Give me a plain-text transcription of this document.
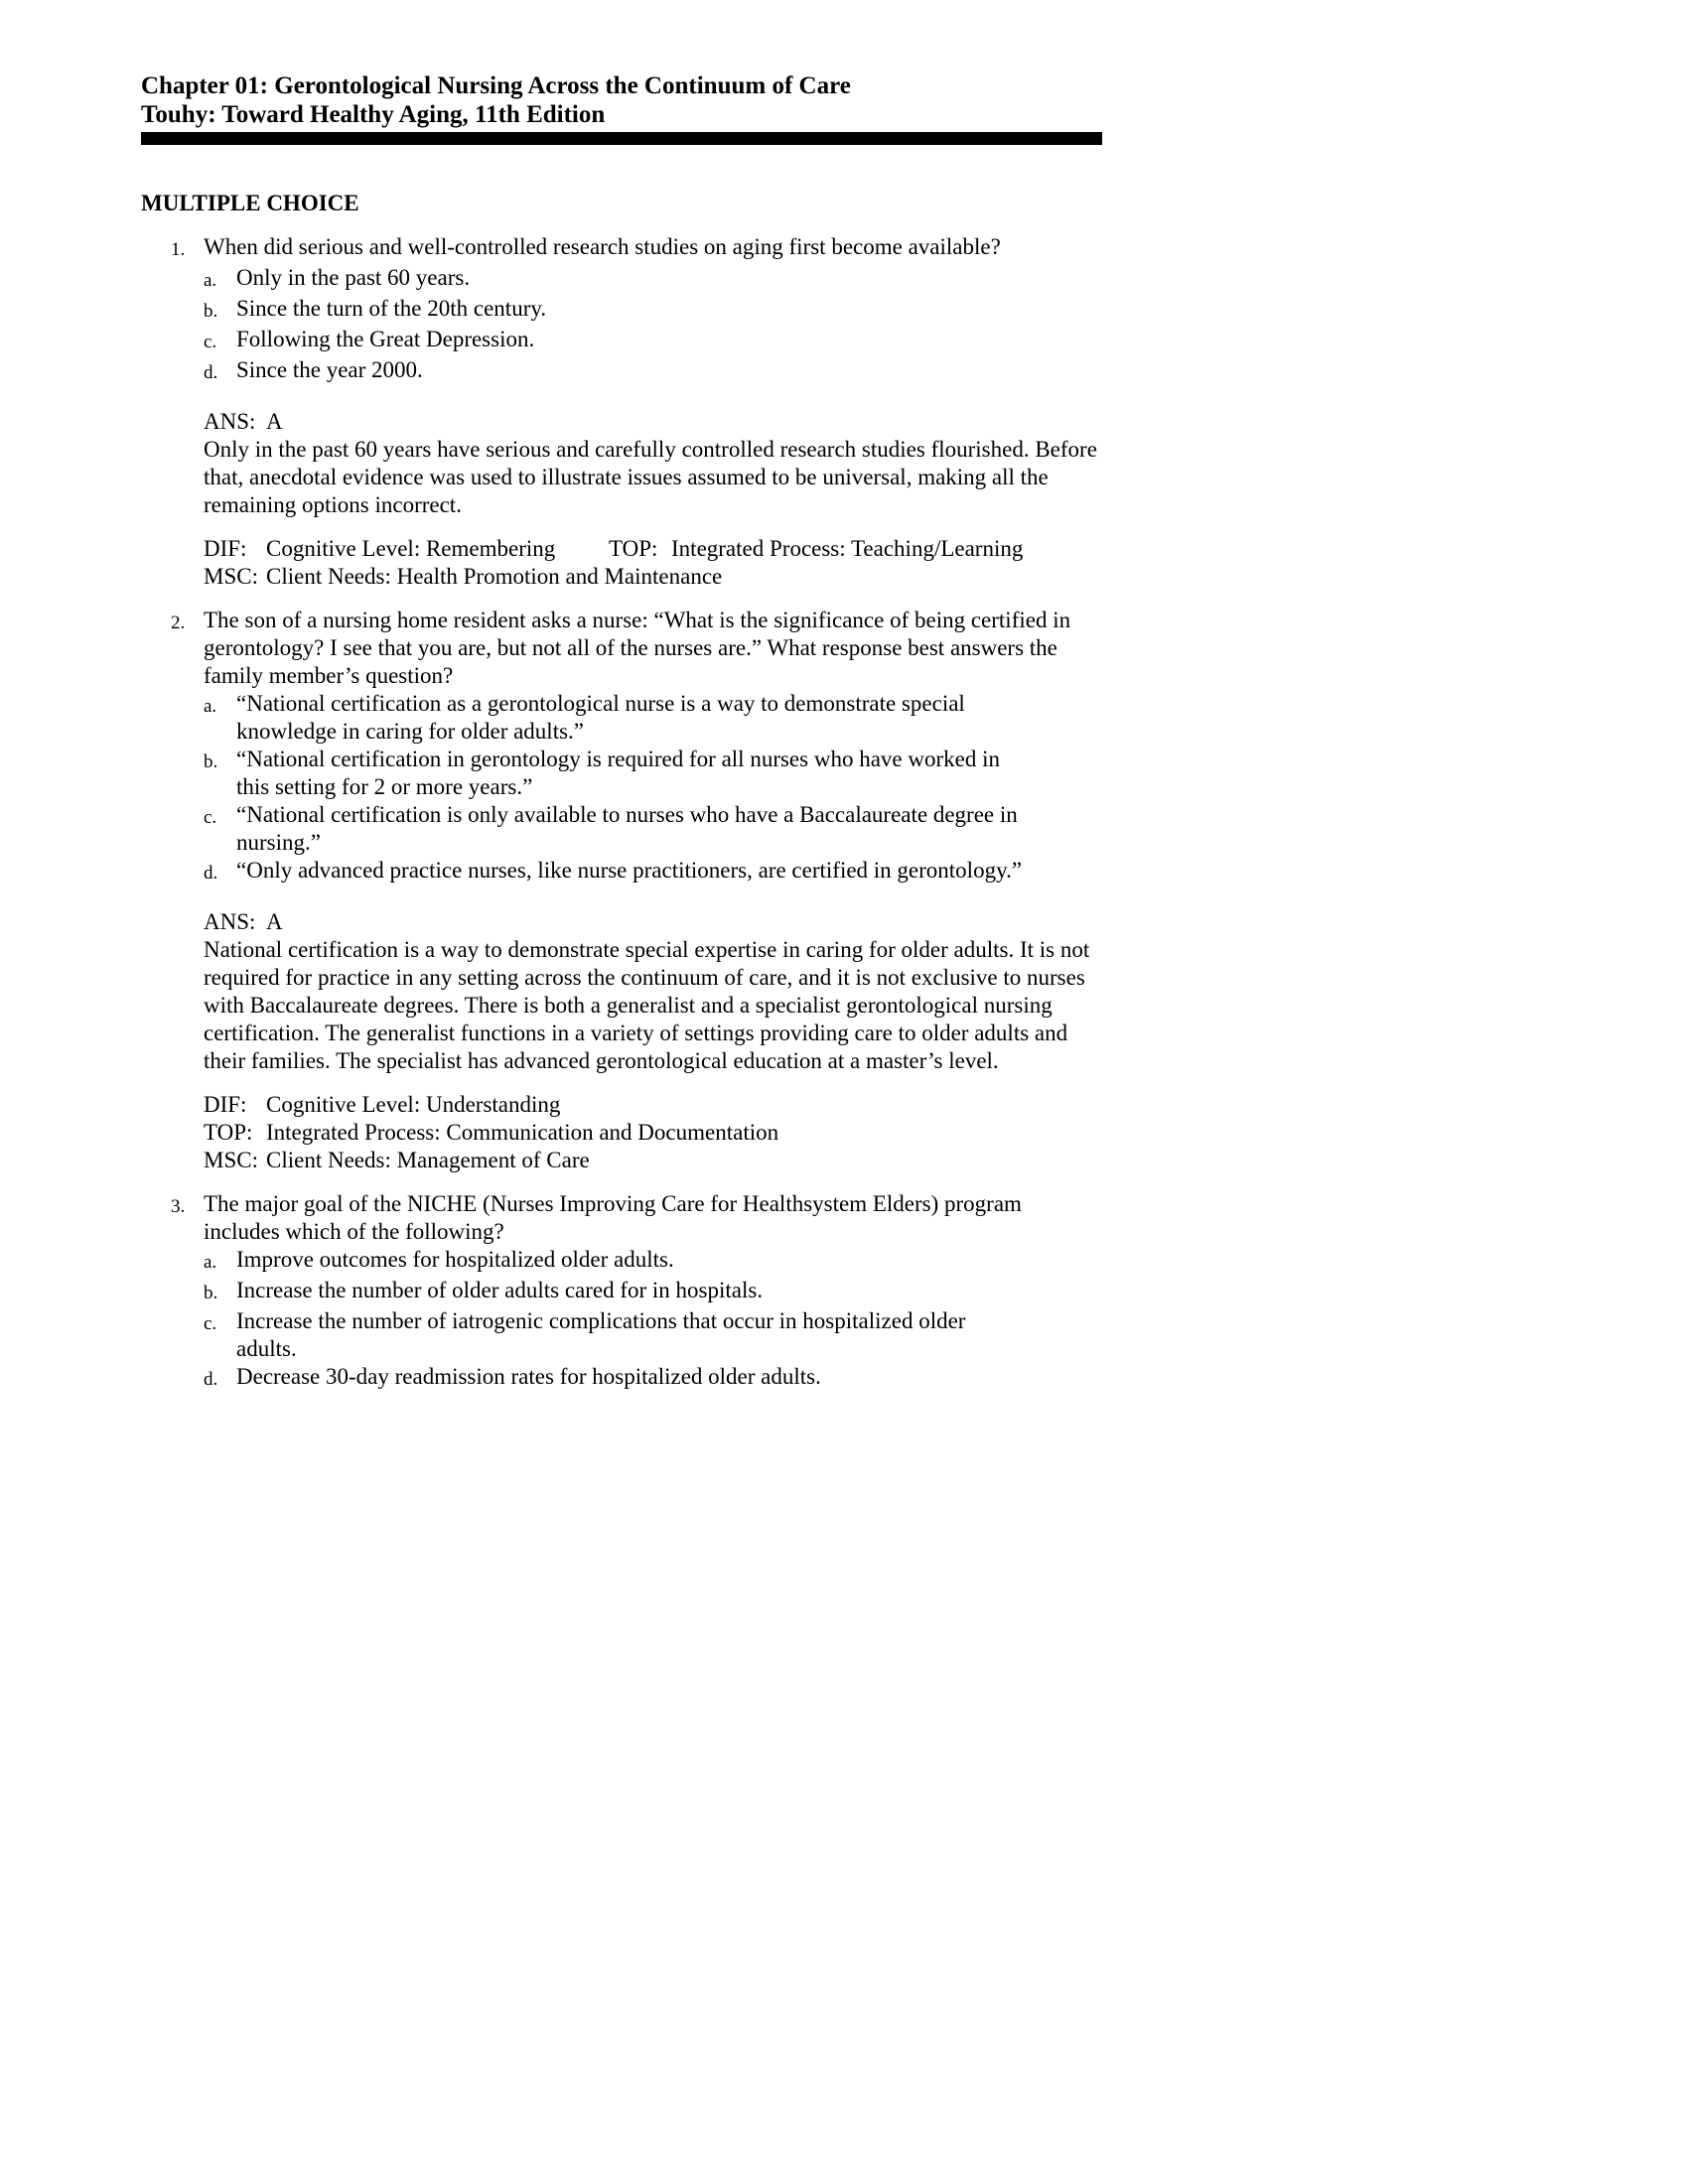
Chapter 01: Gerontological Nursing Across the Continuum of Care
Touhy: Toward Healthy Aging, 11th Edition
MULTIPLE CHOICE
1. When did serious and well-controlled research studies on aging first become available?
a. Only in the past 60 years.
b. Since the turn of the 20th century.
c. Following the Great Depression.
d. Since the year 2000.
ANS: A
Only in the past 60 years have serious and carefully controlled research studies flourished. Before that, anecdotal evidence was used to illustrate issues assumed to be universal, making all the remaining options incorrect.
DIF: Cognitive Level: Remembering TOP: Integrated Process: Teaching/Learning
MSC: Client Needs: Health Promotion and Maintenance
2. The son of a nursing home resident asks a nurse: “What is the significance of being certified in gerontology? I see that you are, but not all of the nurses are.” What response best answers the family member’s question?
a. “National certification as a gerontological nurse is a way to demonstrate special knowledge in caring for older adults.”
b. “National certification in gerontology is required for all nurses who have worked in this setting for 2 or more years.”
c. “National certification is only available to nurses who have a Baccalaureate degree in nursing.”
d. “Only advanced practice nurses, like nurse practitioners, are certified in gerontology.”
ANS: A
National certification is a way to demonstrate special expertise in caring for older adults. It is not required for practice in any setting across the continuum of care, and it is not exclusive to nurses with Baccalaureate degrees. There is both a generalist and a specialist gerontological nursing certification. The generalist functions in a variety of settings providing care to older adults and their families. The specialist has advanced gerontological education at a master’s level.
DIF: Cognitive Level: Understanding
TOP: Integrated Process: Communication and Documentation
MSC: Client Needs: Management of Care
3. The major goal of the NICHE (Nurses Improving Care for Healthsystem Elders) program includes which of the following?
a. Improve outcomes for hospitalized older adults.
b. Increase the number of older adults cared for in hospitals.
c. Increase the number of iatrogenic complications that occur in hospitalized older adults.
d. Decrease 30-day readmission rates for hospitalized older adults.
